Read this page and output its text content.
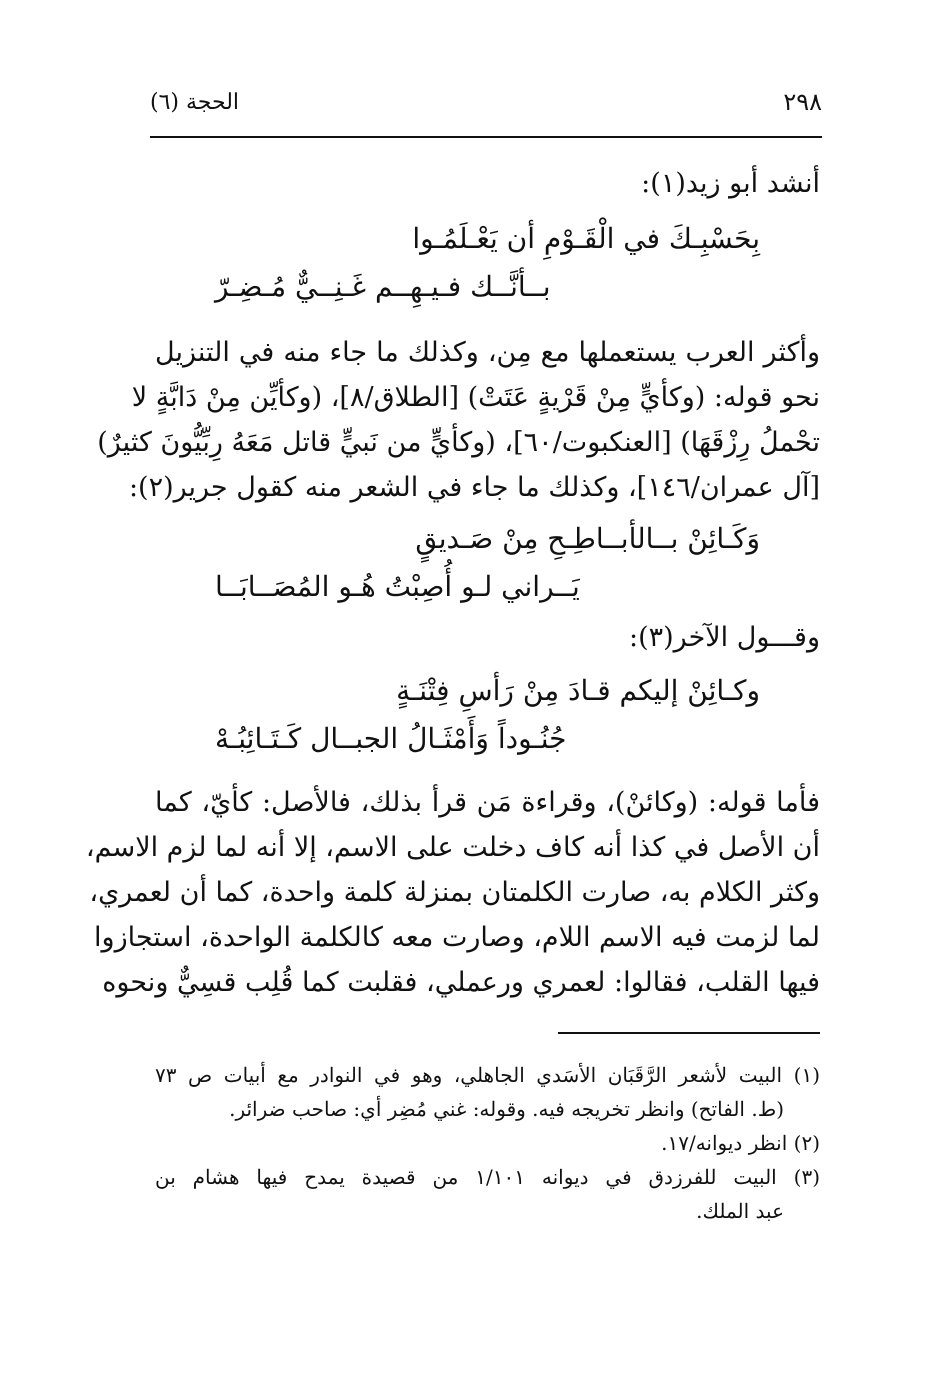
٢٩٨
الحجة (٦)
أنشد أبو زيد(١):
بِحَسْبِـكَ في الْقَـوْمِ أن يَعْـلَمُـوا
بــأنَّــك فـيـهِــم غَـنِــيٌّ مُـضِـرّ
وأكثر العرب يستعملها مع مِن، وكذلك ما جاء منه في التنزيل
نحو قوله: (وكأيٍّ مِنْ قَرْيةٍ عَتَتْ) [الطلاق/٨]، (وكأيِّن مِنْ دَابَّةٍ لا
تحْملُ رِزْقَهَا) [العنكبوت/٦٠]، (وكأيٍّ من نَبيٍّ قاتل مَعَهُ رِبِّيُّونَ كثيرٌ)
[آل عمران/١٤٦]، وكذلك ما جاء في الشعر منه كقول جرير(٢):
وَكَـائِنْ بــالأبــاطِـحِ مِنْ صَـديقٍ
يَــراني لـو أُصِبْتُ هُـو المُصَــابَــا
وقـــول الآخر(٣):
وكـائِنْ إليكم قـادَ مِنْ رَأسِ فِتْنَـةٍ
جُنُـوداً وَأَمْثَـالُ الجبــال كَـتَـائِبُـهْ
فأما قوله: (وكائنْ)، وقراءة مَن قرأ بذلك، فالأصل: كأيّ، كما
أن الأصل في كذا أنه كاف دخلت على الاسم، إلا أنه لما لزم الاسم،
وكثر الكلام به، صارت الكلمتان بمنزلة كلمة واحدة، كما أن لعمري،
لما لزمت فيه الاسم اللام، وصارت معه كالكلمة الواحدة، استجازوا
فيها القلب، فقالوا: لعمري ورعملي، فقلبت كما قُلِب قسِيٌّ ونحوه
(١) البيت لأشعر الرَّقَبَان الأسَدي الجاهلي، وهو في النوادر مع أبيات ص ٧٣
(ط. الفاتح) وانظر تخريجه فيه. وقوله: غني مُضِر أي: صاحب ضرائر.
(٢) انظر ديوانه/١٧.
(٣) البيت للفرزدق في ديوانه ١/١٠١ من قصيدة يمدح فيها هشام بن
عبد الملك.
